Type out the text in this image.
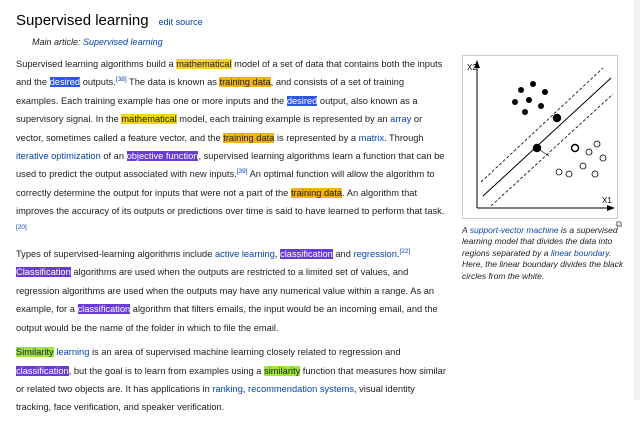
Supervised learning edit source
Main article: Supervised learning

Supervised learning algorithms build a mathematical model of a set of data that contains both the inputs and the desired outputs.[38] The data is known as training data, and consists of a set of training examples. Each training example has one or more inputs and the desired output, also known as a supervisory signal. In the mathematical model, each training example is represented by an array or vector, sometimes called a feature vector, and the training data is represented by a matrix. Through iterative optimization of an objective function, supervised learning algorithms learn a function that can be used to predict the output associated with new inputs.[39] An optimal function will allow the algorithm to correctly determine the output for inputs that were not a part of the training data. An algorithm that improves the accuracy of its outputs or predictions over time is said to have learned to perform that task.[20]

Types of supervised-learning algorithms include active learning, classification and regression.[22]
Classification algorithms are used when the outputs are restricted to a limited set of values, and regression algorithms are used when the outputs may have any numerical value within a range. As an example, for a classification algorithm that filters emails, the input would be an incoming email, and the output would be the name of the folder in which to file the email.

Similarity learning is an area of supervised machine learning closely related to regression and classification, but the goal is to learn from examples using a similarity function that measures how similar or related two objects are. It has applications in ranking, recommendation systems, visual identity tracking, face verification, and speaker verification.

X2
X1
A support-vector machine is a supervised learning model that divides the data into regions separated by a linear boundary. Here, the linear boundary divides the black circles from the white.
⧉
